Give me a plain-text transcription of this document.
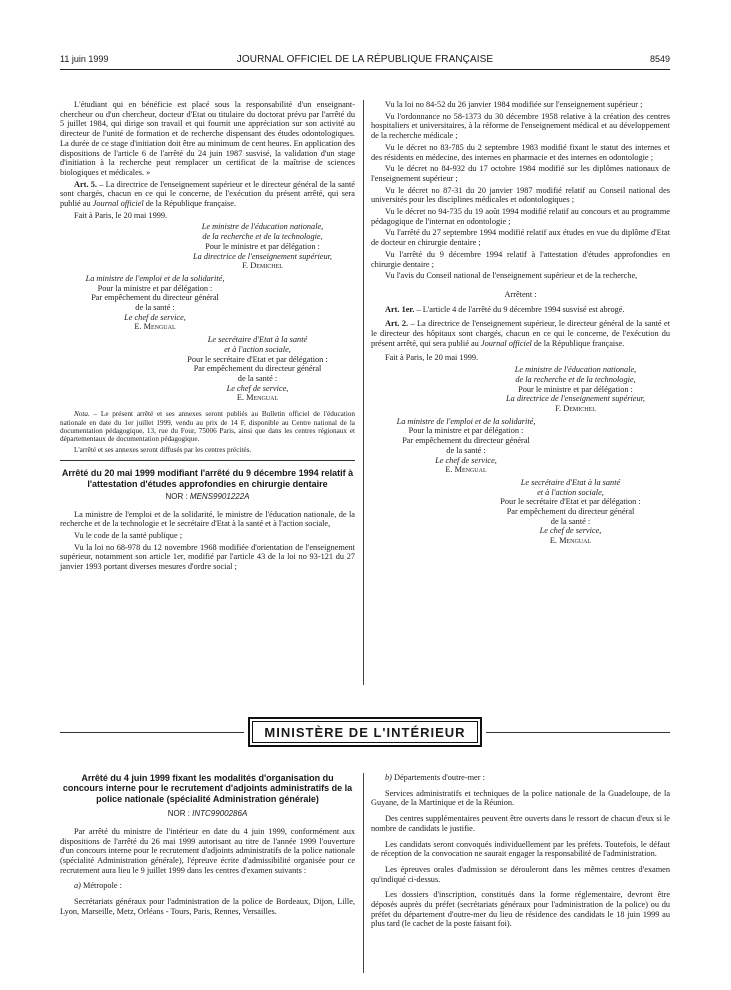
11 juin 1999	JOURNAL OFFICIEL DE LA RÉPUBLIQUE FRANÇAISE	8549

L'étudiant qui en bénéficie est placé sous la responsabilité d'un enseignant-chercheur ou d'un chercheur, docteur d'Etat ou titulaire du doctorat prévu par l'arrêté du 5 juillet 1984, qui dirige son travail et qui fournit une appréciation sur son activité au directeur de l'unité de formation et de recherche dispensant des études odontologiques. La durée de ce stage d'initiation doit être au minimum de cent heures. En application des dispositions de l'article 6 de l'arrêté du 24 juin 1987 susvisé, la validation d'un stage d'initiation à la recherche peut remplacer un certificat de la maîtrise de sciences biologiques et médicales. »

Art. 5. – La directrice de l'enseignement supérieur et le directeur général de la santé sont chargés, chacun en ce qui le concerne, de l'exécution du présent arrêté, qui sera publié au Journal officiel de la République française.

Fait à Paris, le 20 mai 1999.

Le ministre de l'éducation nationale,
de la recherche et de la technologie,
Pour le ministre et par délégation :
La directrice de l'enseignement supérieur,
F. Demichel
La ministre de l'emploi et de la solidarité,
Pour la ministre et par délégation :
Par empêchement du directeur général
de la santé :
Le chef de service,
E. Mengual
Le secrétaire d'Etat à la santé
et à l'action sociale,
Pour le secrétaire d'Etat et par délégation :
Par empêchement du directeur général
de la santé :
Le chef de service,
E. Mengual

Nota. – Le présent arrêté et ses annexes seront publiés au Bulletin officiel de l'éducation nationale en date du 1er juillet 1999, vendu au prix de 14 F, disponible au Centre national de la documentation pédagogique, 13, rue du Four, 75006 Paris, ainsi que dans les centres régionaux et départementaux de documentation pédagogique.

L'arrêté et ses annexes seront diffusés par les centres précités.

Arrêté du 20 mai 1999 modifiant l'arrêté du 9 décembre 1994 relatif à l'attestation d'études approfondies en chirurgie dentaire
NOR : MENS9901222A

La ministre de l'emploi et de la solidarité, le ministre de l'éducation nationale, de la recherche et de la technologie et le secrétaire d'Etat à la santé et à l'action sociale,

Vu le code de la santé publique ;

Vu la loi no 68-978 du 12 novembre 1968 modifiée d'orientation de l'enseignement supérieur, notamment son article 1er, modifié par l'article 43 de la loi no 93-121 du 27 janvier 1993 portant diverses mesures d'ordre social ;

Vu la loi no 84-52 du 26 janvier 1984 modifiée sur l'enseignement supérieur ;

Vu l'ordonnance no 58-1373 du 30 décembre 1958 relative à la création des centres hospitaliers et universitaires, à la réforme de l'enseignement médical et au développement de la recherche médicale ;

Vu le décret no 83-785 du 2 septembre 1983 modifié fixant le statut des internes et des résidents en médecine, des internes en pharmacie et des internes en odontologie ;

Vu le décret no 84-932 du 17 octobre 1984 modifié sur les diplômes nationaux de l'enseignement supérieur ;

Vu le décret no 87-31 du 20 janvier 1987 modifié relatif au Conseil national des universités pour les disciplines médicales et odontologiques ;

Vu le décret no 94-735 du 19 août 1994 modifié relatif au concours et au programme pédagogique de l'internat en odontologie ;

Vu l'arrêté du 27 septembre 1994 modifié relatif aux études en vue du diplôme d'Etat de docteur en chirurgie dentaire ;

Vu l'arrêté du 9 décembre 1994 relatif à l'attestation d'études approfondies en chirurgie dentaire ;

Vu l'avis du Conseil national de l'enseignement supérieur et de la recherche,

Arrêtent :

Art. 1er. – L'article 4 de l'arrêté du 9 décembre 1994 susvisé est abrogé.

Art. 2. – La directrice de l'enseignement supérieur, le directeur général de la santé et le directeur des hôpitaux sont chargés, chacun en ce qui le concerne, de l'exécution du présent arrêté, qui sera publié au Journal officiel de la République française.

Fait à Paris, le 20 mai 1999.

Le ministre de l'éducation nationale,
de la recherche et de la technologie,
Pour le ministre et par délégation :
La directrice de l'enseignement supérieur,
F. Demichel
La ministre de l'emploi et de la solidarité,
Pour la ministre et par délégation :
Par empêchement du directeur général
de la santé :
Le chef de service,
E. Mengual
Le secrétaire d'Etat à la santé
et à l'action sociale,
Pour le secrétaire d'Etat et par délégation :
Par empêchement du directeur général
de la santé :
Le chef de service,
E. Mengual
MINISTÈRE DE L'INTÉRIEUR
Arrêté du 4 juin 1999 fixant les modalités d'organisation du concours interne pour le recrutement d'adjoints administratifs de la police nationale (spécialité Administration générale)
NOR : INTC9900286A

Par arrêté du ministre de l'intérieur en date du 4 juin 1999, conformément aux dispositions de l'arrêté du 26 mai 1999 autorisant au titre de l'année 1999 l'ouverture d'un concours interne pour le recrutement d'adjoints administratifs de la police nationale (spécialité Administration générale), l'épreuve écrite d'admissibilité organisée pour ce recrutement aura lieu le 9 juillet 1999 dans les centres d'examen suivants :

a) Métropole :

Secrétariats généraux pour l'administration de la police de Bordeaux, Dijon, Lille, Lyon, Marseille, Metz, Orléans - Tours, Paris, Rennes, Versailles.

b) Départements d'outre-mer :

Services administratifs et techniques de la police nationale de la Guadeloupe, de la Guyane, de la Martinique et de la Réunion.

Des centres supplémentaires peuvent être ouverts dans le ressort de chacun d'eux si le nombre de candidats le justifie.

Les candidats seront convoqués individuellement par les préfets. Toutefois, le défaut de réception de la convocation ne saurait engager la responsabilité de l'administration.

Les épreuves orales d'admission se dérouleront dans les mêmes centres d'examen qu'indiqué ci-dessus.

Les dossiers d'inscription, constitués dans la forme réglementaire, devront être déposés auprès du préfet (secrétariats généraux pour l'administration de la police) ou du préfet du département d'outre-mer du lieu de résidence des candidats le 18 juin 1999 au plus tard (le cachet de la poste faisant foi).
